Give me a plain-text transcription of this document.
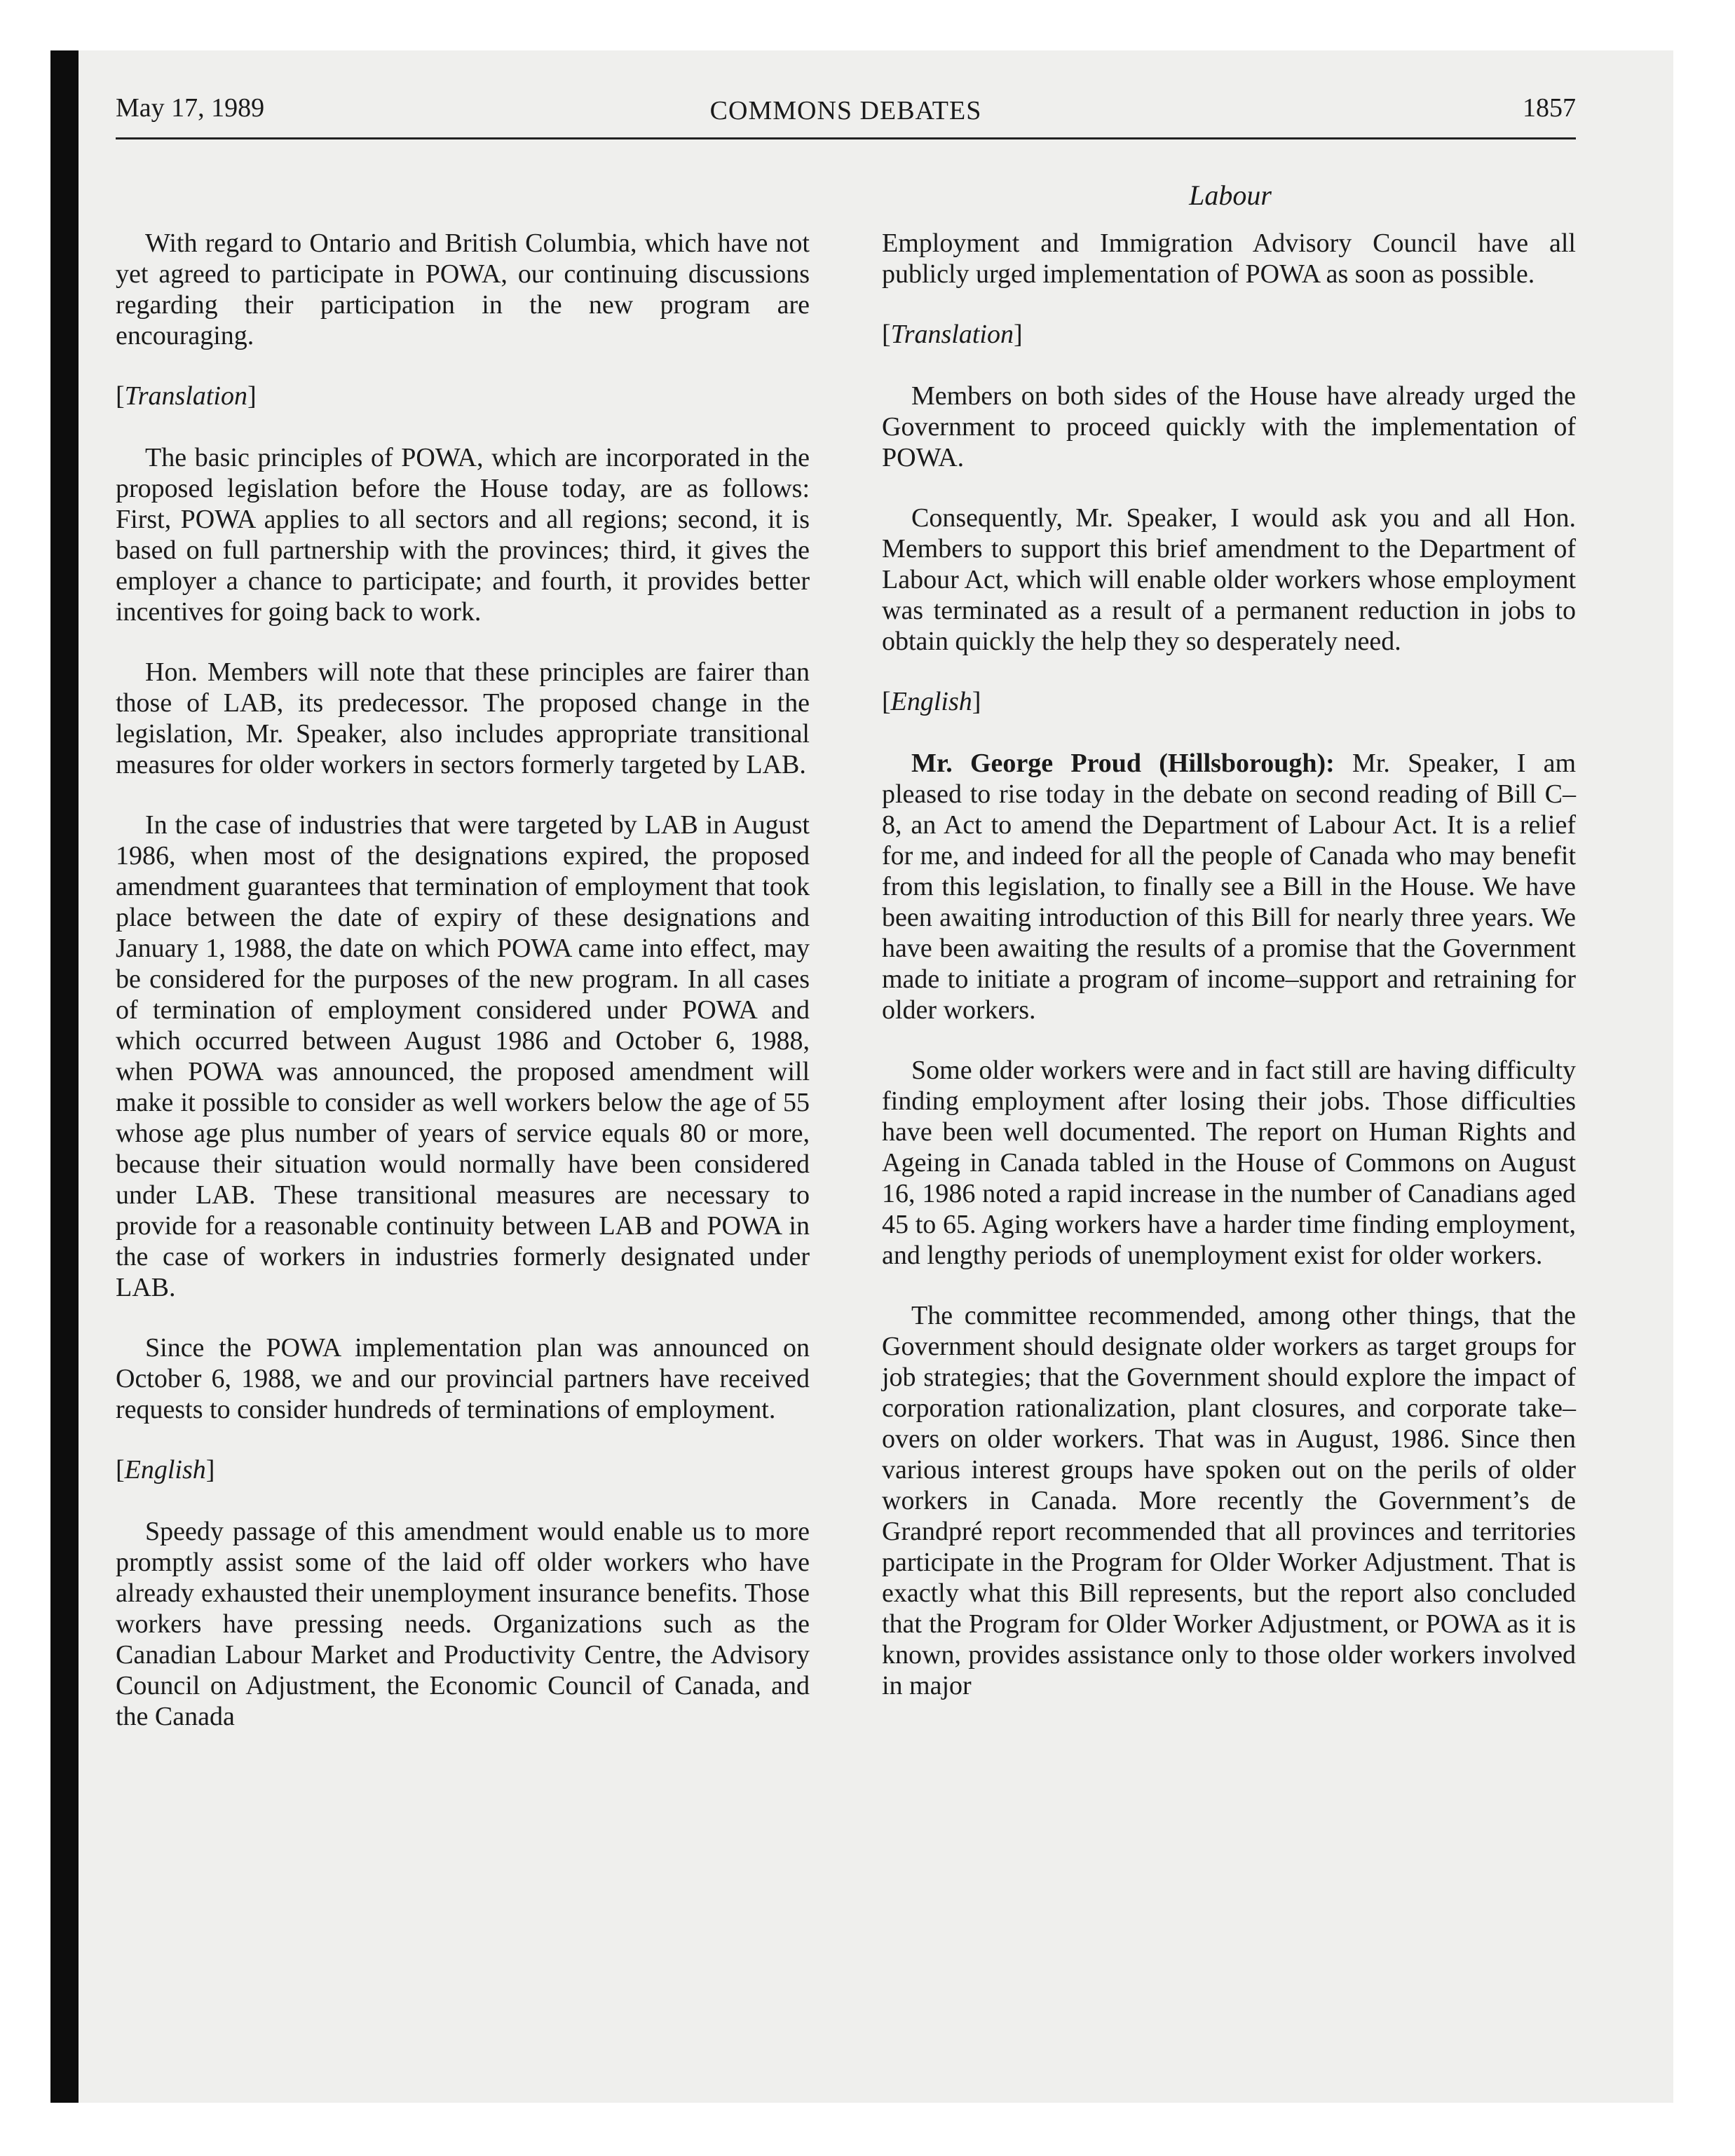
May 17, 1989	COMMONS DEBATES	1857
Labour

With regard to Ontario and British Columbia, which have not yet agreed to participate in POWA, our continuing discussions regarding their participation in the new program are encouraging.

[Translation]

The basic principles of POWA, which are incorporated in the proposed legislation before the House today, are as follows: First, POWA applies to all sectors and all regions; second, it is based on full partnership with the provinces; third, it gives the employer a chance to participate; and fourth, it provides better incentives for going back to work.

Hon. Members will note that these principles are fairer than those of LAB, its predecessor. The proposed change in the legislation, Mr. Speaker, also includes appropriate transitional measures for older workers in sectors formerly targeted by LAB.

In the case of industries that were targeted by LAB in August 1986, when most of the designations expired, the proposed amendment guarantees that termination of employment that took place between the date of expiry of these designations and January 1, 1988, the date on which POWA came into effect, may be considered for the purposes of the new program. In all cases of termination of employment considered under POWA and which occurred between August 1986 and October 6, 1988, when POWA was announced, the proposed amendment will make it possible to consider as well workers below the age of 55 whose age plus number of years of service equals 80 or more, because their situation would normally have been considered under LAB. These transitional measures are necessary to provide for a reasonable continuity between LAB and POWA in the case of workers in industries formerly designated under LAB.

Since the POWA implementation plan was announced on October 6, 1988, we and our provincial partners have received requests to consider hundreds of terminations of employment.

[English]

Speedy passage of this amendment would enable us to more promptly assist some of the laid off older workers who have already exhausted their unemployment insurance benefits. Those workers have pressing needs. Organizations such as the Canadian Labour Market and Productivity Centre, the Advisory Council on Adjustment, the Economic Council of Canada, and the Canada

Employment and Immigration Advisory Council have all publicly urged implementation of POWA as soon as possible.

[Translation]

Members on both sides of the House have already urged the Government to proceed quickly with the implementation of POWA.

Consequently, Mr. Speaker, I would ask you and all Hon. Members to support this brief amendment to the Department of Labour Act, which will enable older workers whose employment was terminated as a result of a permanent reduction in jobs to obtain quickly the help they so desperately need.

[English]

Mr. George Proud (Hillsborough): Mr. Speaker, I am pleased to rise today in the debate on second reading of Bill C–8, an Act to amend the Department of Labour Act. It is a relief for me, and indeed for all the people of Canada who may benefit from this legislation, to finally see a Bill in the House. We have been awaiting introduction of this Bill for nearly three years. We have been awaiting the results of a promise that the Government made to initiate a program of income–support and retraining for older workers.

Some older workers were and in fact still are having difficulty finding employment after losing their jobs. Those difficulties have been well documented. The report on Human Rights and Ageing in Canada tabled in the House of Commons on August 16, 1986 noted a rapid increase in the number of Canadians aged 45 to 65. Aging workers have a harder time finding employment, and lengthy periods of unemployment exist for older workers.

The committee recommended, among other things, that the Government should designate older workers as target groups for job strategies; that the Government should explore the impact of corporation rationalization, plant closures, and corporate take–overs on older workers. That was in August, 1986. Since then various interest groups have spoken out on the perils of older workers in Canada. More recently the Government’s de Grandpré report recommended that all provinces and territories participate in the Program for Older Worker Adjustment. That is exactly what this Bill represents, but the report also concluded that the Program for Older Worker Adjustment, or POWA as it is known, provides assistance only to those older workers involved in major
